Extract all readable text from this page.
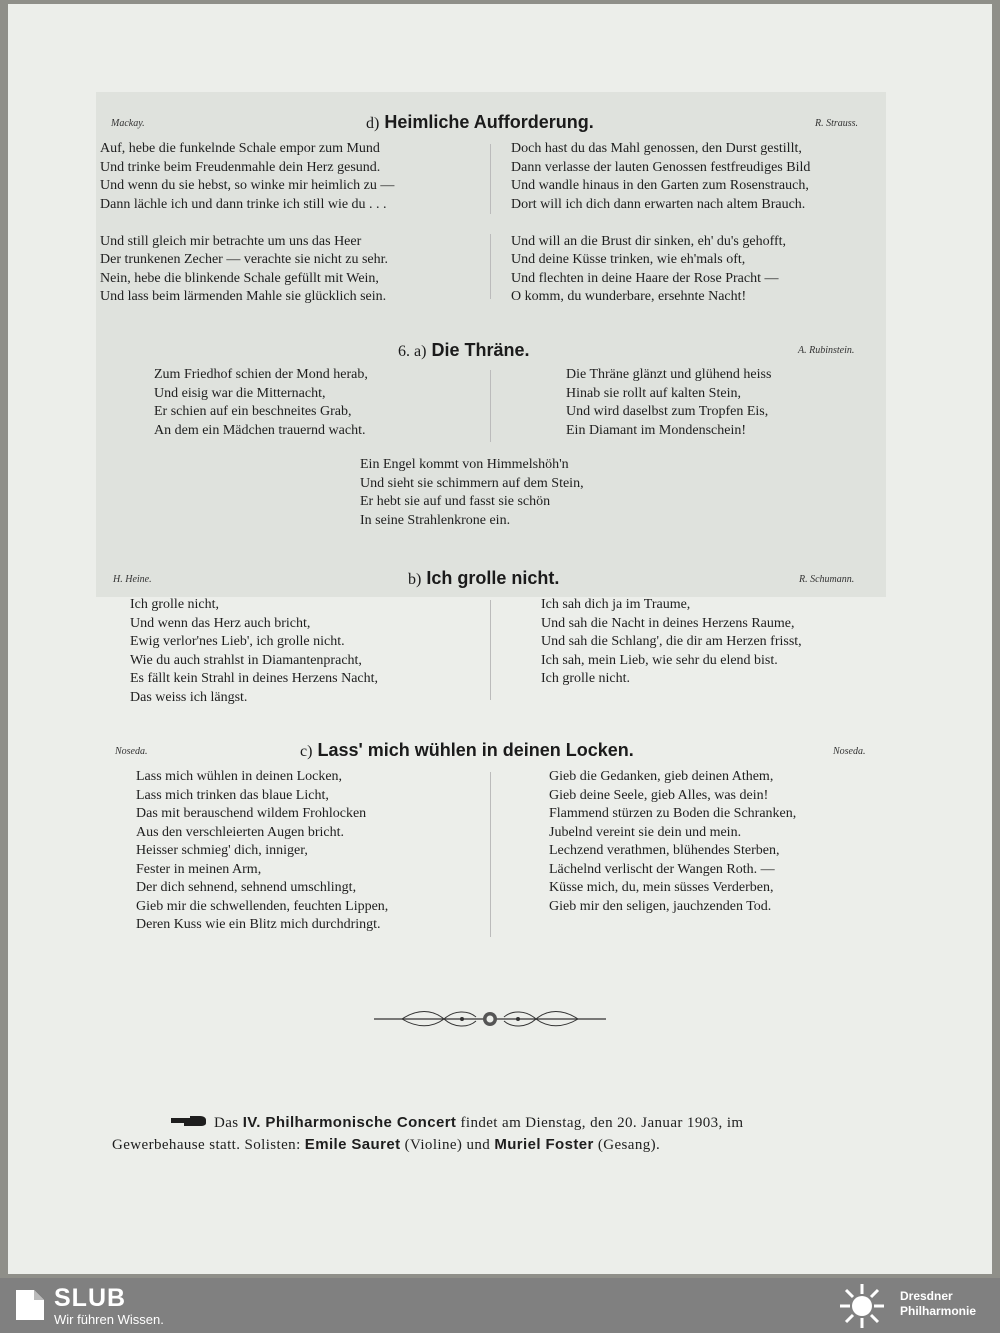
Mackay.	d) Heimliche Aufforderung.	R. Strauss.
Auf, hebe die funkelnde Schale empor zum Mund
Und trinke beim Freudenmahle dein Herz gesund.
Und wenn du sie hebst, so winke mir heimlich zu —
Dann lächle ich und dann trinke ich still wie du . . .

Und still gleich mir betrachte um uns das Heer
Der trunkenen Zecher — verachte sie nicht zu sehr.
Nein, hebe die blinkende Schale gefüllt mit Wein,
Und lass beim lärmenden Mahle sie glücklich sein.
Doch hast du das Mahl genossen, den Durst gestillt,
Dann verlasse der lauten Genossen festfreudiges Bild
Und wandle hinaus in den Garten zum Rosenstrauch,
Dort will ich dich dann erwarten nach altem Brauch.

Und will an die Brust dir sinken, eh' du's gehofft,
Und deine Küsse trinken, wie eh'mals oft,
Und flechten in deine Haare der Rose Pracht —
O komm, du wunderbare, ersehnte Nacht!
6. a) Die Thräne.	A. Rubinstein.
Zum Friedhof schien der Mond herab,
Und eisig war die Mitternacht,
Er schien auf ein beschneites Grab,
An dem ein Mädchen trauernd wacht.
Die Thräne glänzt und glühend heiss
Hinab sie rollt auf kalten Stein,
Und wird daselbst zum Tropfen Eis,
Ein Diamant im Mondenschein!
Ein Engel kommt von Himmelshöh'n
Und sieht sie schimmern auf dem Stein,
Er hebt sie auf und fasst sie schön
In seine Strahlenkrone ein.
H. Heine.	b) Ich grolle nicht.	R. Schumann.
Ich grolle nicht,
Und wenn das Herz auch bricht,
Ewig verlor'nes Lieb', ich grolle nicht.
Wie du auch strahlst in Diamantenpracht,
Es fällt kein Strahl in deines Herzens Nacht,
Das weiss ich längst.
Ich sah dich ja im Traume,
Und sah die Nacht in deines Herzens Raume,
Und sah die Schlang', die dir am Herzen frisst,
Ich sah, mein Lieb, wie sehr du elend bist.
Ich grolle nicht.
Noseda.	c) Lass' mich wühlen in deinen Locken.	Noseda.
Lass mich wühlen in deinen Locken,
Lass mich trinken das blaue Licht,
Das mit berauschend wildem Frohlocken
Aus den verschleierten Augen bricht.
Heisser schmieg' dich, inniger,
Fester in meinen Arm,
Der dich sehnend, sehnend umschlingt,
Gieb mir die schwellenden, feuchten Lippen,
Deren Kuss wie ein Blitz mich durchdringt.
Gieb die Gedanken, gieb deinen Athem,
Gieb deine Seele, gieb Alles, was dein!
Flammend stürzen zu Boden die Schranken,
Jubelnd vereint sie dein und mein.
Lechzend verathmen, blühendes Sterben,
Lächelnd verlischt der Wangen Roth. —
Küsse mich, du, mein süsses Verderben,
Gieb mir den seligen, jauchzenden Tod.
Das IV. Philharmonische Concert findet am Dienstag, den 20. Januar 1903, im
Gewerbehause statt. Solisten: Emile Sauret (Violine) und Muriel Foster (Gesang).
SLUB
Wir führen Wissen.
Dresdner
Philharmonie
